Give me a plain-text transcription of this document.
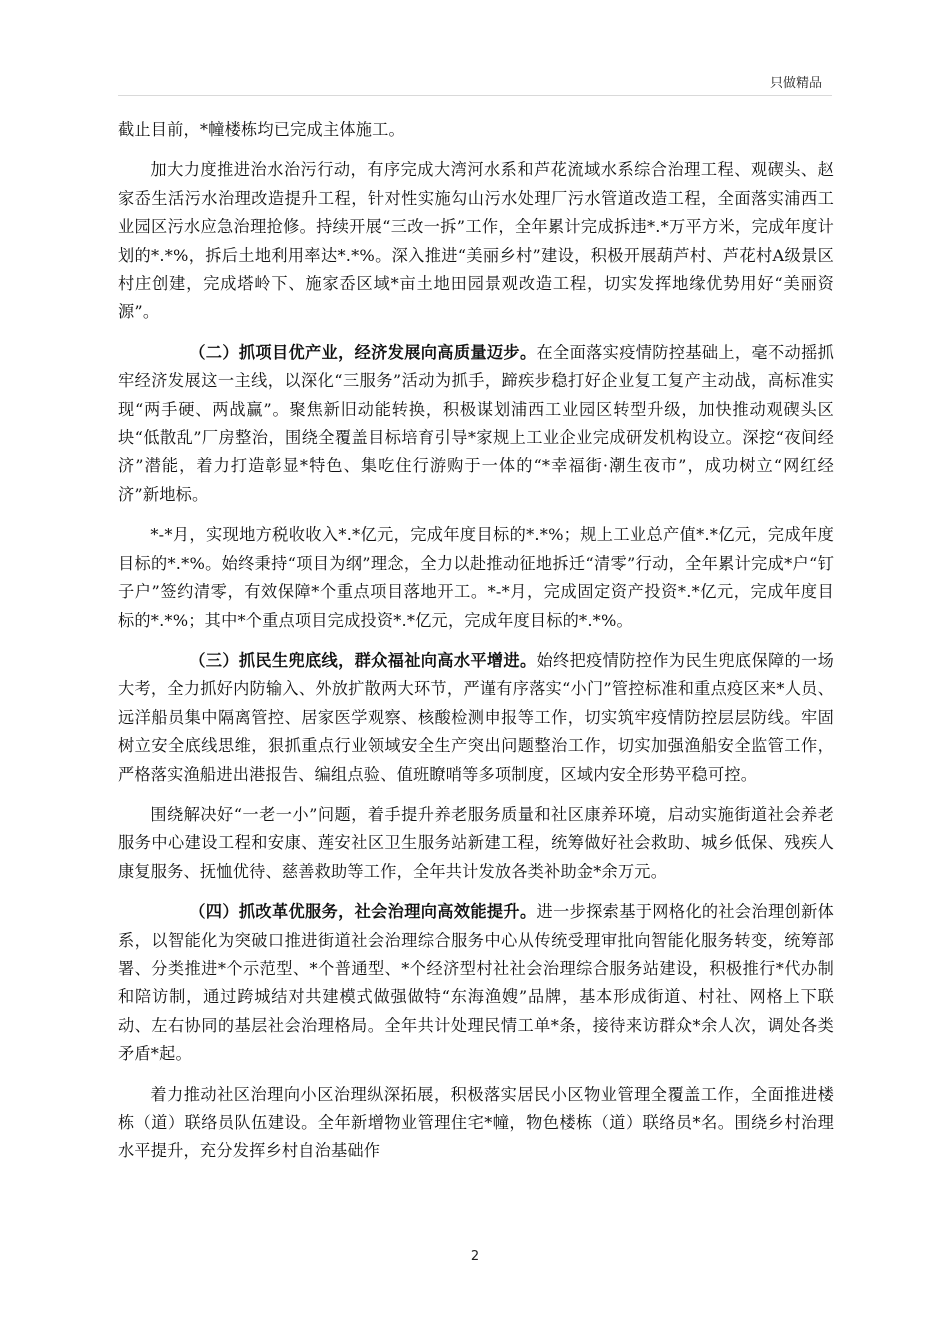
只做精品

截止目前，*幢楼栋均已完成主体施工。

加大力度推进治水治污行动，有序完成大湾河水系和芦花流域水系综合治理工程、观碶头、赵家岙生活污水治理改造提升工程，针对性实施勾山污水处理厂污水管道改造工程，全面落实浦西工业园区污水应急治理抢修。持续开展“三改一拆”工作，全年累计完成拆违*.*万平方米，完成年度计划的*.*%，拆后土地利用率达*.*%。深入推进“美丽乡村”建设，积极开展葫芦村、芦花村A级景区村庄创建，完成塔岭下、施家岙区域*亩土地田园景观改造工程，切实发挥地缘优势用好“美丽资源”。

（二）抓项目优产业，经济发展向高质量迈步。在全面落实疫情防控基础上，毫不动摇抓牢经济发展这一主线，以深化“三服务”活动为抓手，蹄疾步稳打好企业复工复产主动战，高标准实现“两手硬、两战赢”。聚焦新旧动能转换，积极谋划浦西工业园区转型升级，加快推动观碶头区块“低散乱”厂房整治，围绕全覆盖目标培育引导*家规上工业企业完成研发机构设立。深挖“夜间经济”潜能，着力打造彰显*特色、集吃住行游购于一体的“*幸福街·潮生夜市”，成功树立“网红经济”新地标。

*-*月，实现地方税收收入*.*亿元，完成年度目标的*.*%；规上工业总产值*.*亿元，完成年度目标的*.*%。始终秉持“项目为纲”理念，全力以赴推动征地拆迁“清零”行动，全年累计完成*户“钉子户”签约清零，有效保障*个重点项目落地开工。*-*月，完成固定资产投资*.*亿元，完成年度目标的*.*%；其中*个重点项目完成投资*.*亿元，完成年度目标的*.*%。

（三）抓民生兜底线，群众福祉向高水平增进。始终把疫情防控作为民生兜底保障的一场大考，全力抓好内防输入、外放扩散两大环节，严谨有序落实“小门”管控标准和重点疫区来*人员、远洋船员集中隔离管控、居家医学观察、核酸检测申报等工作，切实筑牢疫情防控层层防线。牢固树立安全底线思维，狠抓重点行业领域安全生产突出问题整治工作，切实加强渔船安全监管工作，严格落实渔船进出港报告、编组点验、值班瞭哨等多项制度，区域内安全形势平稳可控。

围绕解决好“一老一小”问题，着手提升养老服务质量和社区康养环境，启动实施街道社会养老服务中心建设工程和安康、莲安社区卫生服务站新建工程，统筹做好社会救助、城乡低保、残疾人康复服务、抚恤优待、慈善救助等工作，全年共计发放各类补助金*余万元。

（四）抓改革优服务，社会治理向高效能提升。进一步探索基于网格化的社会治理创新体系，以智能化为突破口推进街道社会治理综合服务中心从传统受理审批向智能化服务转变，统筹部署、分类推进*个示范型、*个普通型、*个经济型村社社会治理综合服务站建设，积极推行*代办制和陪访制，通过跨城结对共建模式做强做特“东海渔嫂”品牌，基本形成街道、村社、网格上下联动、左右协同的基层社会治理格局。全年共计处理民情工单*条，接待来访群众*余人次，调处各类矛盾*起。

着力推动社区治理向小区治理纵深拓展，积极落实居民小区物业管理全覆盖工作，全面推进楼栋（道）联络员队伍建设。全年新增物业管理住宅*幢，物色楼栋（道）联络员*名。围绕乡村治理水平提升，充分发挥乡村自治基础作

2
